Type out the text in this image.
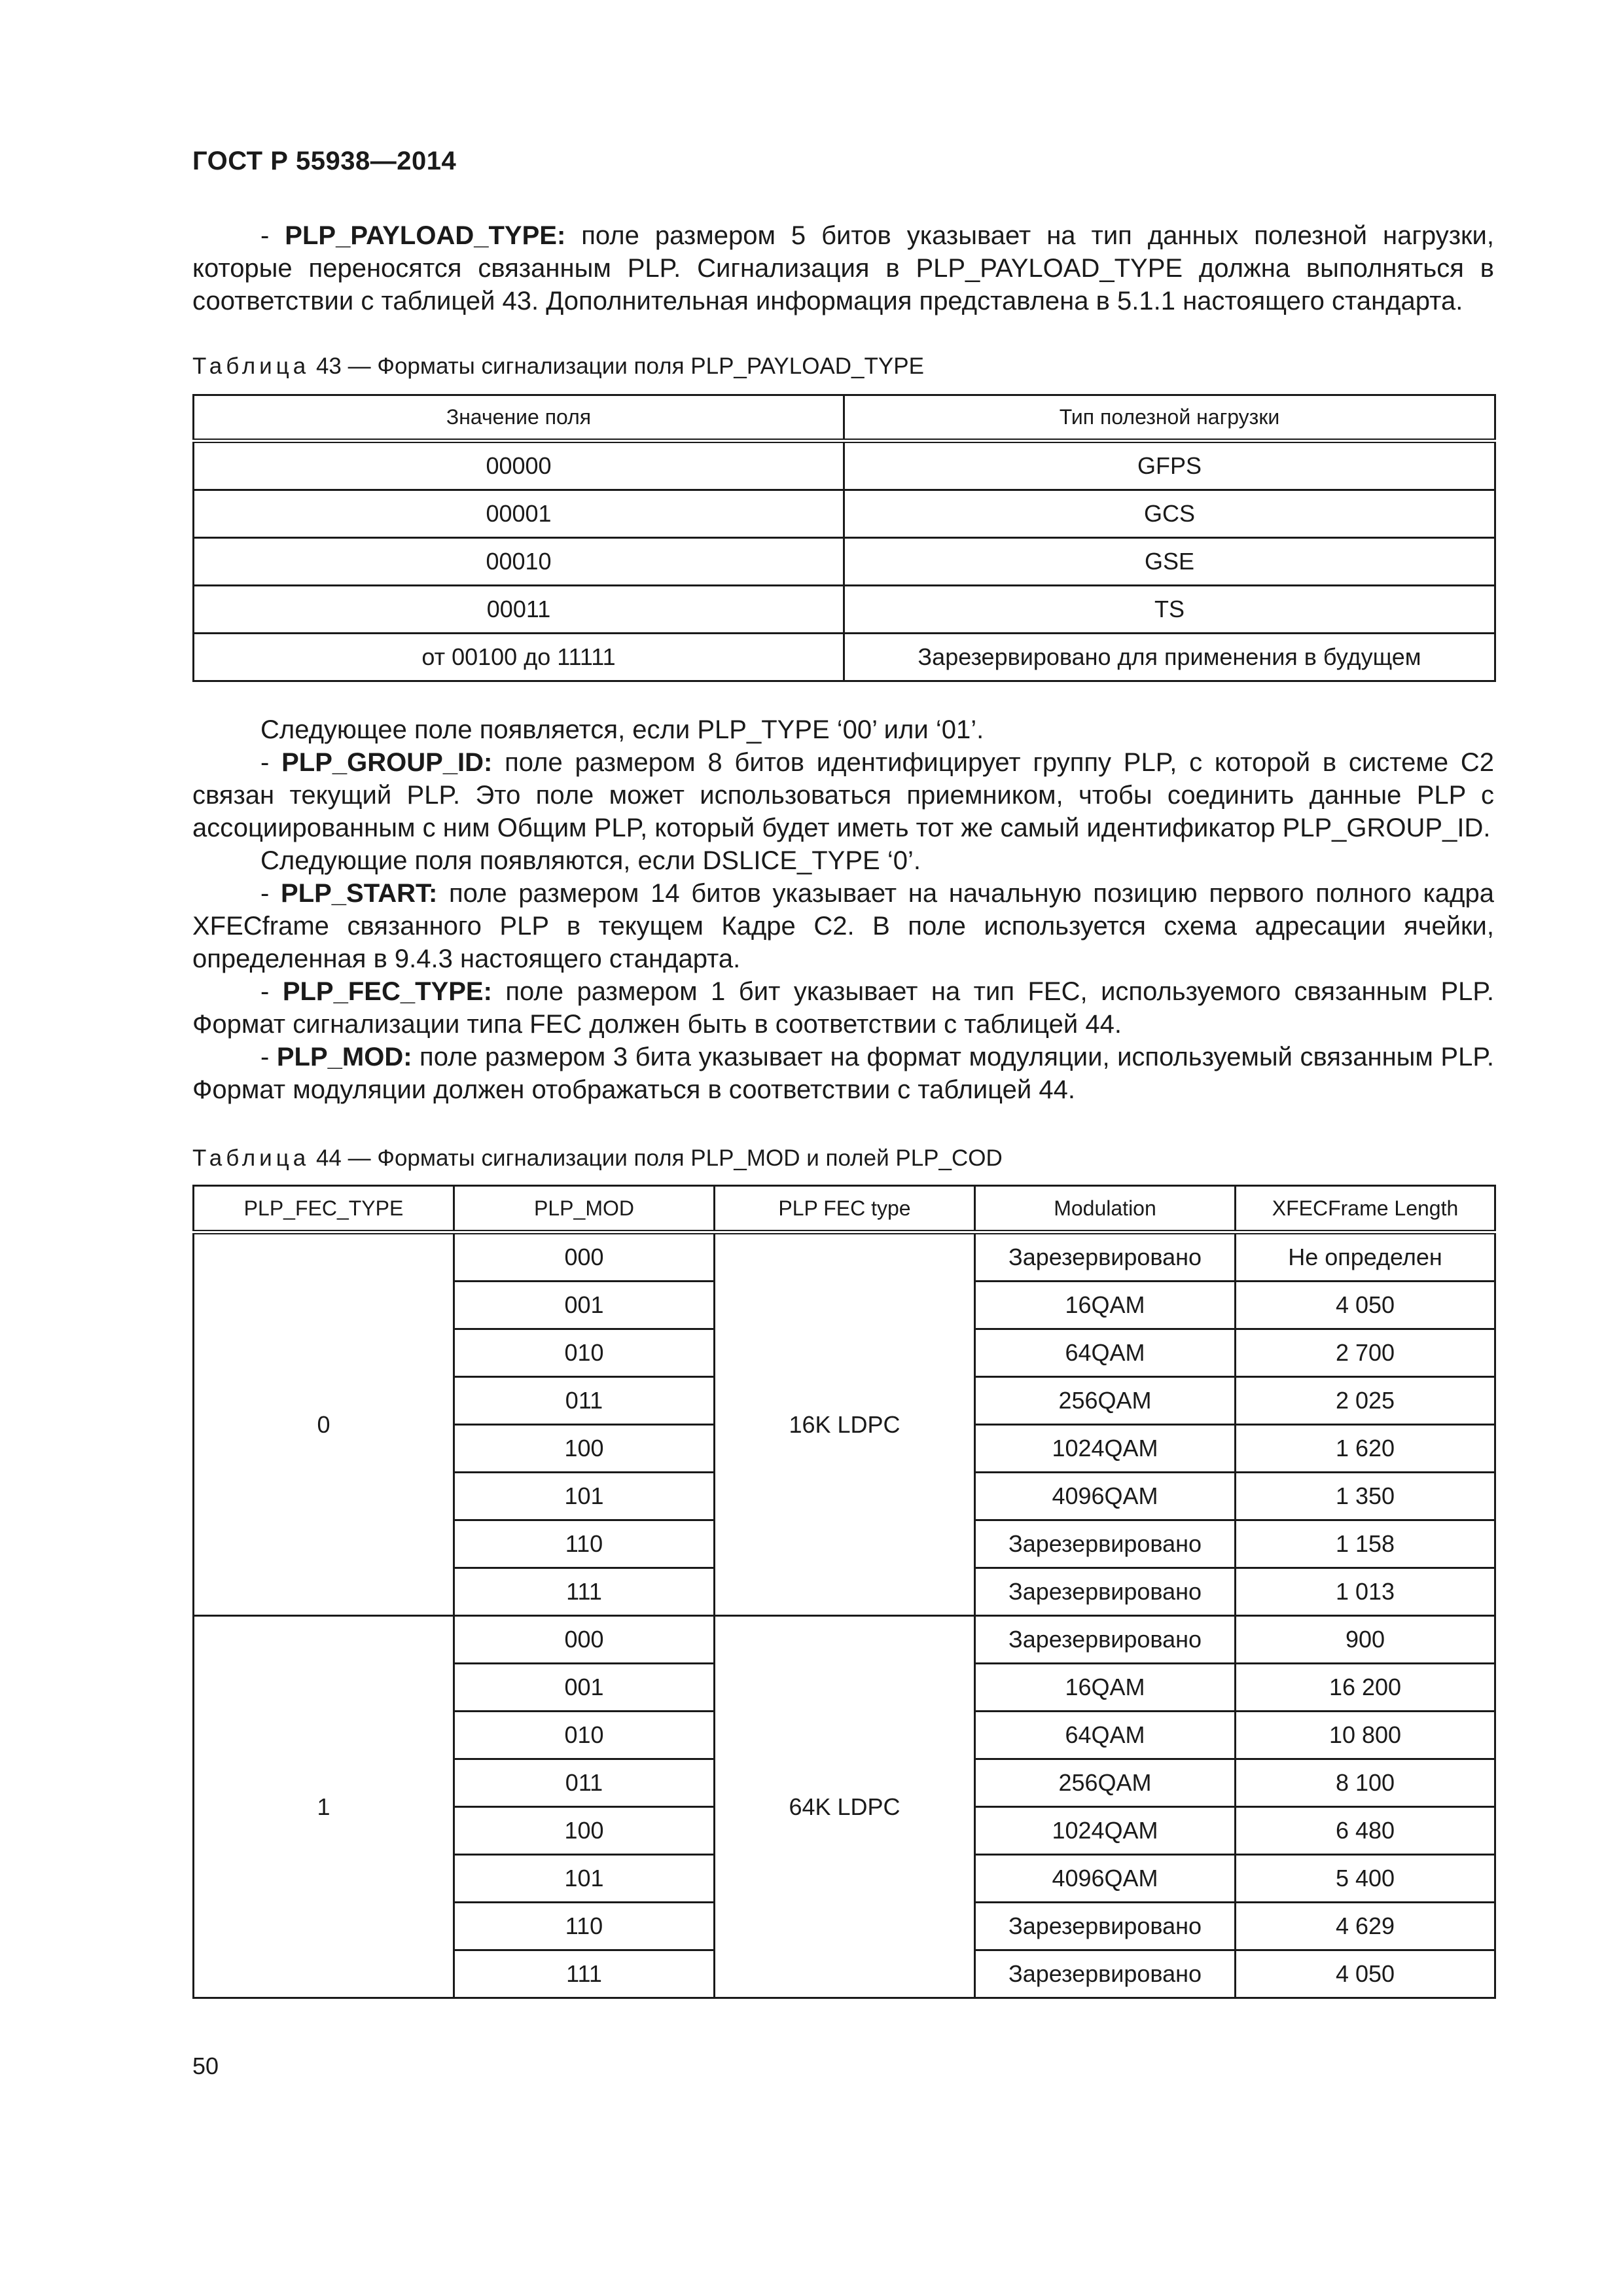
ГОСТ Р 55938—2014

- PLP_PAYLOAD_TYPE: поле размером 5 битов указывает на тип данных полезной нагрузки, которые переносятся связанным PLP. Сигнализация в PLP_PAYLOAD_TYPE должна выполняться в соответствии с таблицей 43. Дополнительная информация представлена в 5.1.1 настоящего стандарта.

Таблица 43 — Форматы сигнализации поля PLP_PAYLOAD_TYPE
Значение поля	Тип полезной нагрузки
00000	GFPS
00001	GCS
00010	GSE
00011	TS
от 00100 до 11111	Зарезервировано для применения в будущем

Следующее поле появляется, если PLP_TYPE ‘00’ или ‘01’.

- PLP_GROUP_ID: поле размером 8 битов идентифицирует группу PLP, с которой в системе C2 связан текущий PLP. Это поле может использоваться приемником, чтобы соединить данные PLP с ассоциированным с ним Общим PLP, который будет иметь тот же самый идентификатор PLP_GROUP_ID.

Следующие поля появляются, если DSLICE_TYPE ‘0’.

- PLP_START: поле размером 14 битов указывает на начальную позицию первого полного кадра XFECframe связанного PLP в текущем Кадре C2. В поле используется схема адресации ячейки, определенная в 9.4.3 настоящего стандарта.

- PLP_FEC_TYPE: поле размером 1 бит указывает на тип FEC, используемого связанным PLP. Формат сигнализации типа FEC должен быть в соответствии с таблицей 44.

- PLP_MOD: поле размером 3 бита указывает на формат модуляции, используемый связанным PLP. Формат модуляции должен отображаться в соответствии с таблицей 44.

Таблица 44 — Форматы сигнализации поля PLP_MOD и полей PLP_COD
PLP_FEC_TYPE	PLP_MOD	PLP FEC type	Modulation	XFECFrame Length
0	000	16K LDPC	Зарезервировано	Не определен
	001		16QAM	4 050
	010		64QAM	2 700
	011		256QAM	2 025
	100		1024QAM	1 620
	101		4096QAM	1 350
	110		Зарезервировано	1 158
	111		Зарезервировано	1 013
1	000	64K LDPC	Зарезервировано	900
	001		16QAM	16 200
	010		64QAM	10 800
	011		256QAM	8 100
	100		1024QAM	6 480
	101		4096QAM	5 400
	110		Зарезервировано	4 629
	111		Зарезервировано	4 050
50
